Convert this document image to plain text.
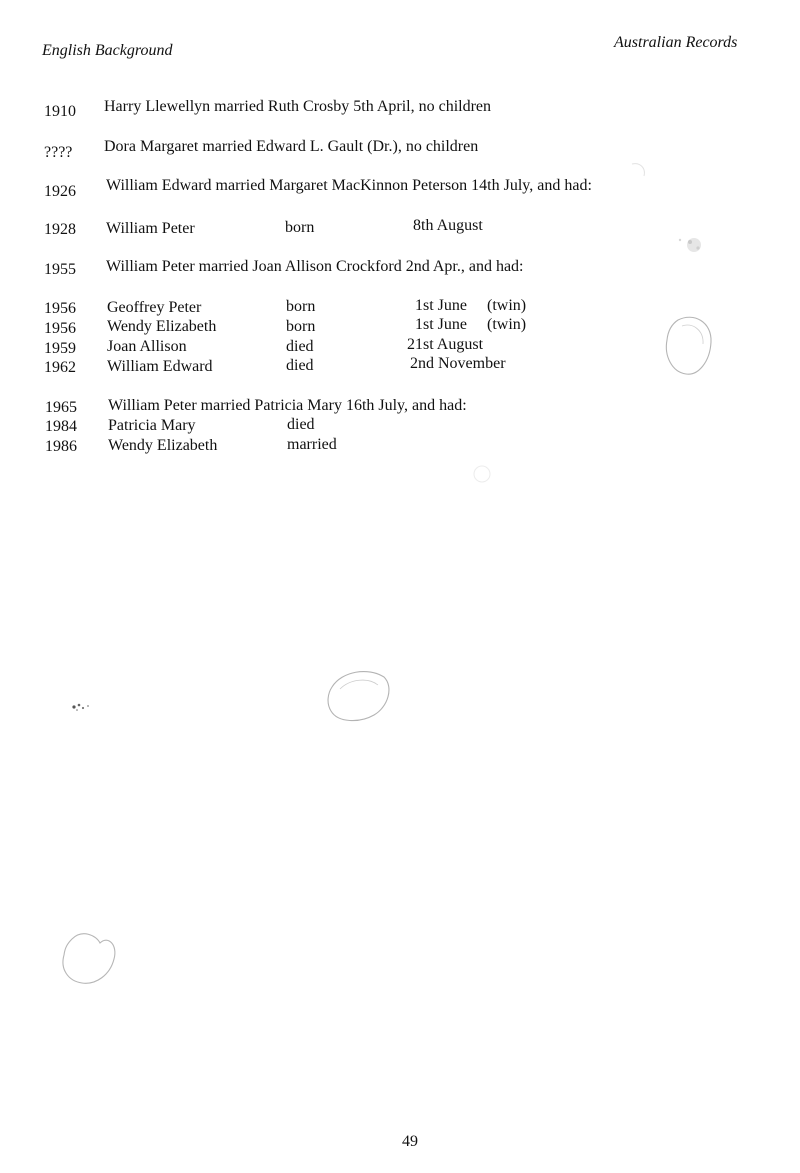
English Background	Australian Records
1910 Harry Llewellyn married Ruth Crosby 5th April, no children
???? Dora Margaret married Edward L. Gault (Dr.), no children
1926 William Edward married Margaret MacKinnon Peterson 14th July, and had:
1928 William Peter	born	8th August
1955 William Peter married Joan Allison Crockford 2nd Apr., and had:
1956 Geoffrey Peter	born	1st June (twin)
1956 Wendy Elizabeth	born	1st June (twin)
1959 Joan Allison	died	21st August
1962 William Edward	died	2nd November
1965 William Peter married Patricia Mary 16th July, and had:
1984 Patricia Mary	died
1986 Wendy Elizabeth	married
49
